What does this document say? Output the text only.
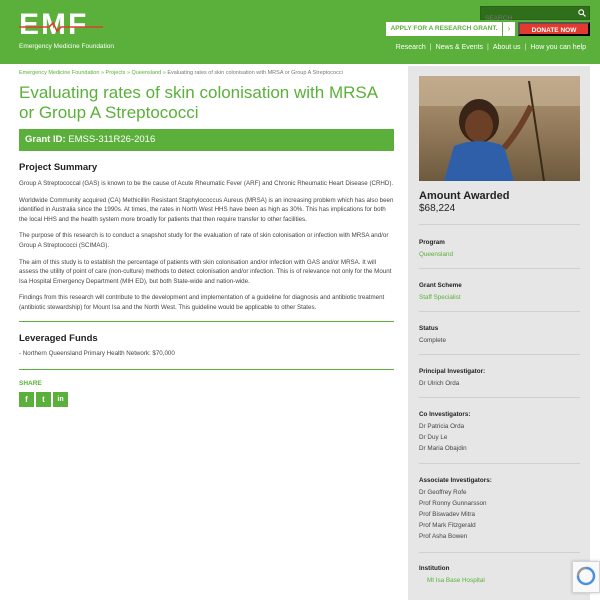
EMF
Emergency Medicine Foundation
SEARCH
APPLY FOR A RESEARCH GRANT.	›	DONATE NOW
Research | News & Events | About us | How you can help
Emergency Medicine Foundation » Projects » Queensland » Evaluating rates of skin colonisation with MRSA or Group A Streptococci
Evaluating rates of skin colonisation with MRSA or Group A Streptococci
Grant ID: EMSS-311R26-2016
Project Summary

Group A Streptococcal (GAS) is known to be the cause of Acute Rheumatic Fever (ARF) and Chronic Rheumatic Heart Disease (CRHD).

Worldwide Community acquired (CA) Methicillin Resistant Staphylococcus Aureus (MRSA) is an increasing problem which has also been identified in Australia since the 1990s. At times, the rates in North West HHS have been as high as 30%. This has implications for both the local HHS and the health system more broadly for patients that then require transfer to other facilities.

The purpose of this research is to conduct a snapshot study for the evaluation of rate of skin colonisation or infection with MRSA and/or Group A Streptococci (SCIMAG).

The aim of this study is to establish the percentage of patients with skin colonisation and/or infection with GAS and/or MRSA. It will assess the utility of point of care (non-culture) methods to detect colonisation and/or infection. This is of relevance not only for the Mount Isa Hospital Emergency Department (MIH ED), but both State-wide and nation-wide.

Findings from this research will contribute to the development and implementation of a guideline for diagnosis and antibiotic treatment (antibiotic stewardship) for Mount Isa and the North West. This guideline would be applicable to other States.

Leveraged Funds
- Northern Queensland Primary Health Network: $70,000
SHARE
f	t	in
Amount Awarded
$68,224
Program
Queensland
Grant Scheme
Staff Specialist
Status
Complete
Principal Investigator:
Dr Ulrich Orda
Co Investigators:
Dr Patricia Orda
Dr Duy Le
Dr Maria Obajdin
Associate Investigators:
Dr Geoffrey Rofe
Prof Ronny Gunnarsson
Prof Biswadev Mitra
Prof Mark Fitzgerald
Prof Asha Bowen
Institution
Mt Isa Base Hospital
